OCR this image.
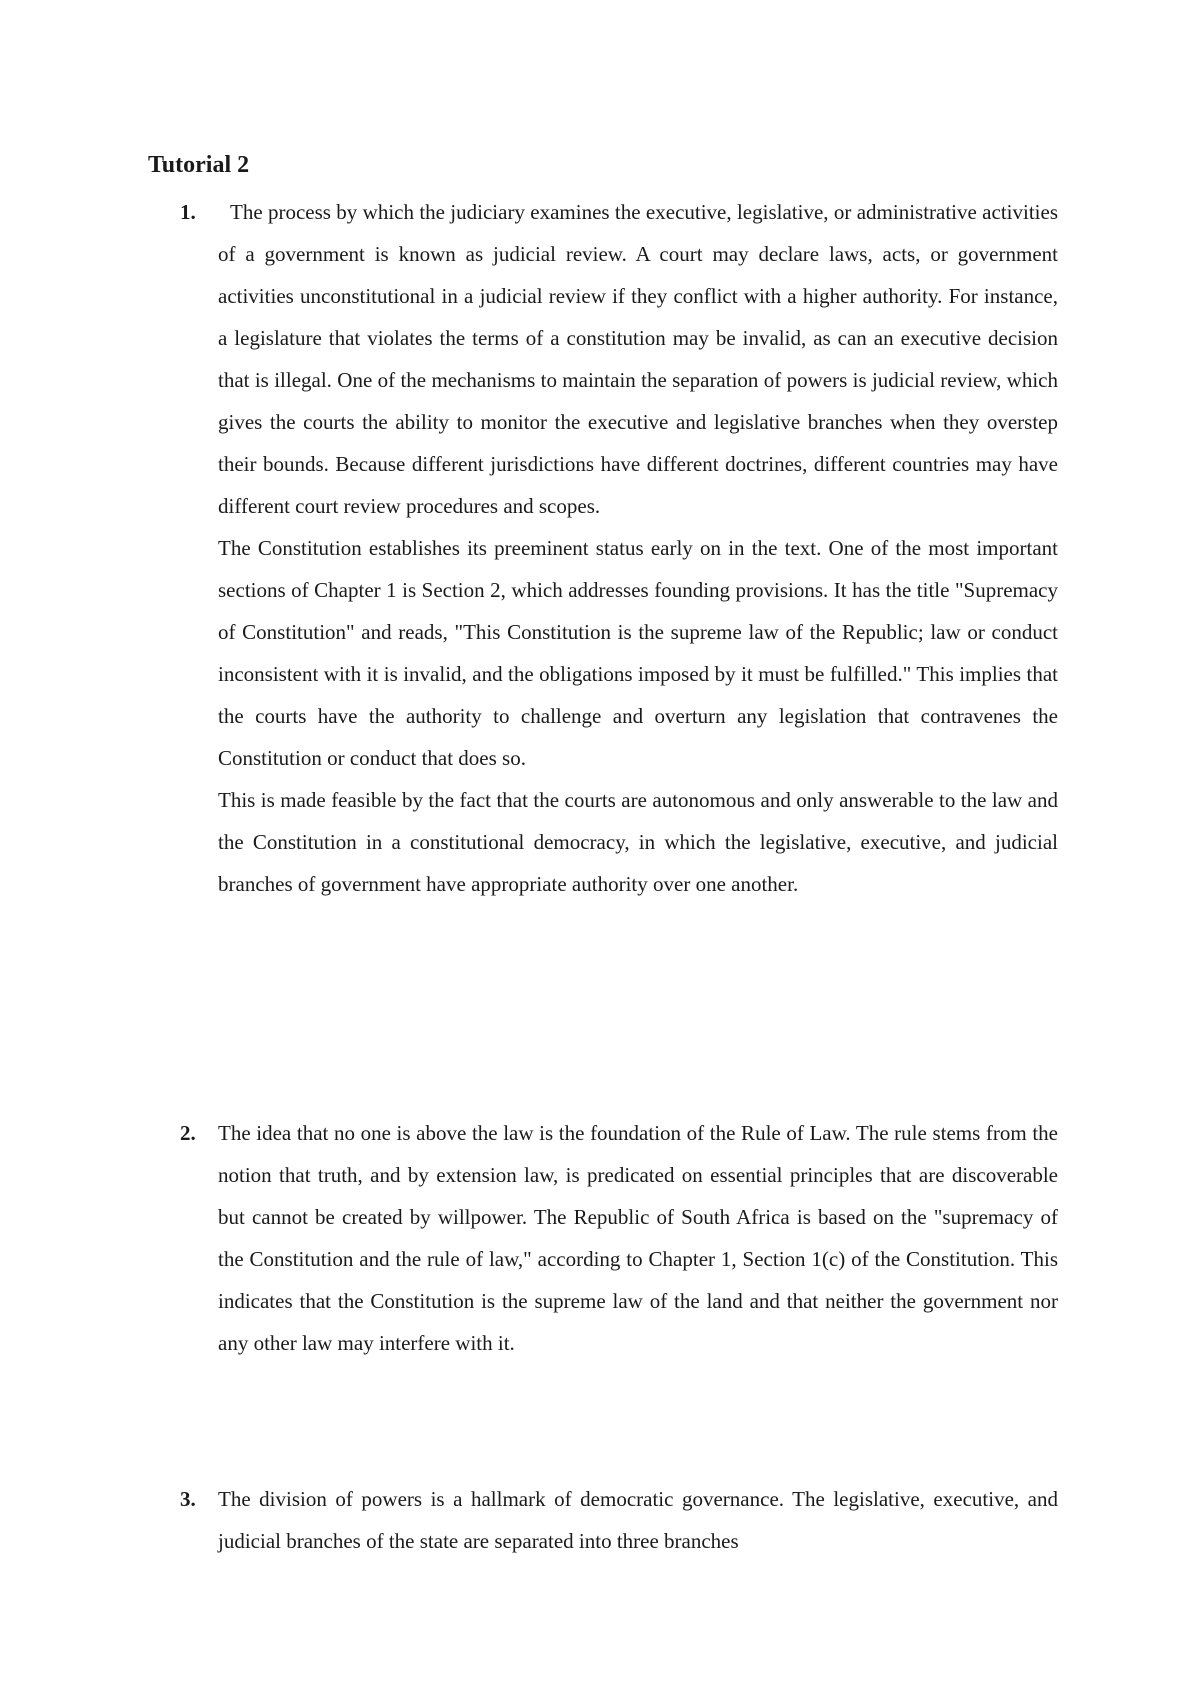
Tutorial 2
1.	The process by which the judiciary examines the executive, legislative, or administrative activities of a government is known as judicial review. A court may declare laws, acts, or government activities unconstitutional in a judicial review if they conflict with a higher authority. For instance, a legislature that violates the terms of a constitution may be invalid, as can an executive decision that is illegal. One of the mechanisms to maintain the separation of powers is judicial review, which gives the courts the ability to monitor the executive and legislative branches when they overstep their bounds. Because different jurisdictions have different doctrines, different countries may have different court review procedures and scopes.

The Constitution establishes its preeminent status early on in the text. One of the most important sections of Chapter 1 is Section 2, which addresses founding provisions. It has the title "Supremacy of Constitution" and reads, "This Constitution is the supreme law of the Republic; law or conduct inconsistent with it is invalid, and the obligations imposed by it must be fulfilled." This implies that the courts have the authority to challenge and overturn any legislation that contravenes the Constitution or conduct that does so.

This is made feasible by the fact that the courts are autonomous and only answerable to the law and the Constitution in a constitutional democracy, in which the legislative, executive, and judicial branches of government have appropriate authority over one another.

2. The idea that no one is above the law is the foundation of the Rule of Law. The rule stems from the notion that truth, and by extension law, is predicated on essential principles that are discoverable but cannot be created by willpower. The Republic of South Africa is based on the "supremacy of the Constitution and the rule of law," according to Chapter 1, Section 1(c) of the Constitution. This indicates that the Constitution is the supreme law of the land and that neither the government nor any other law may interfere with it.

3. The division of powers is a hallmark of democratic governance. The legislative, executive, and judicial branches of the state are separated into three branches
